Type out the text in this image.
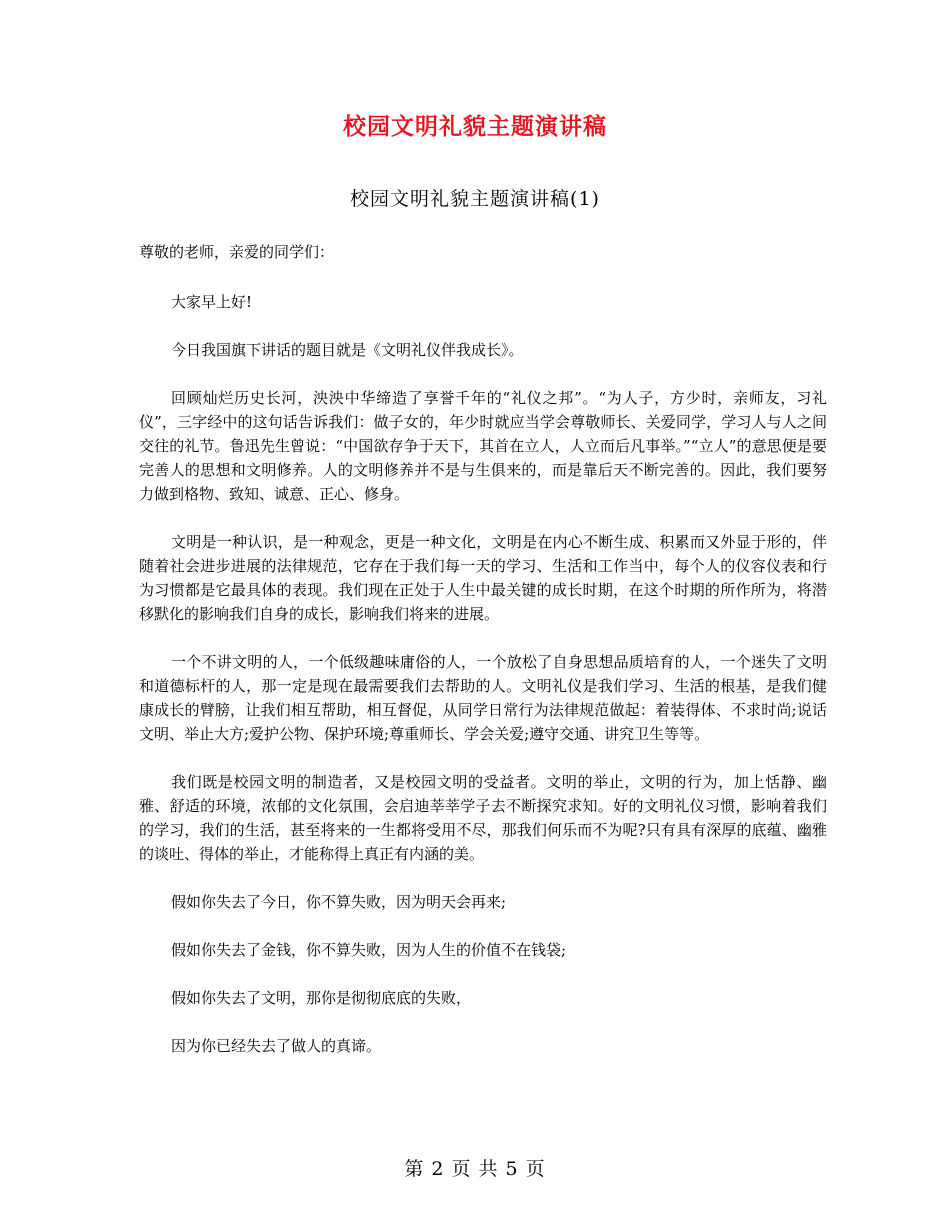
校园文明礼貌主题演讲稿
校园文明礼貌主题演讲稿(1)

尊敬的老师，亲爱的同学们：

大家早上好!

今日我国旗下讲话的题目就是《文明礼仪伴我成长》。

回顾灿烂历史长河，泱泱中华缔造了享誉千年的“礼仪之邦”。“为人子，方少时，亲师友，习礼仪”，三字经中的这句话告诉我们：做子女的，年少时就应当学会尊敬师长、关爱同学，学习人与人之间交往的礼节。鲁迅先生曾说：“中国欲存争于天下，其首在立人，人立而后凡事举。”“立人”的意思便是要完善人的思想和文明修养。人的文明修养并不是与生俱来的，而是靠后天不断完善的。因此，我们要努力做到格物、致知、诚意、正心、修身。

文明是一种认识，是一种观念，更是一种文化，文明是在内心不断生成、积累而又外显于形的，伴随着社会进步进展的法律规范，它存在于我们每一天的学习、生活和工作当中，每个人的仪容仪表和行为习惯都是它最具体的表现。我们现在正处于人生中最关键的成长时期，在这个时期的所作所为，将潜移默化的影响我们自身的成长，影响我们将来的进展。

一个不讲文明的人，一个低级趣味庸俗的人，一个放松了自身思想品质培育的人，一个迷失了文明和道德标杆的人，那一定是现在最需要我们去帮助的人。文明礼仪是我们学习、生活的根基，是我们健康成长的臂膀，让我们相互帮助，相互督促，从同学日常行为法律规范做起：着装得体、不求时尚;说话文明、举止大方;爱护公物、保护环境;尊重师长、学会关爱;遵守交通、讲究卫生等等。

我们既是校园文明的制造者，又是校园文明的受益者。文明的举止，文明的行为，加上恬静、幽雅、舒适的环境，浓郁的文化氛围，会启迪莘莘学子去不断探究求知。好的文明礼仪习惯，影响着我们的学习，我们的生活，甚至将来的一生都将受用不尽，那我们何乐而不为呢?只有具有深厚的底蕴、幽雅的谈吐、得体的举止，才能称得上真正有内涵的美。

假如你失去了今日，你不算失败，因为明天会再来;

假如你失去了金钱，你不算失败，因为人生的价值不在钱袋;

假如你失去了文明，那你是彻彻底底的失败，

因为你已经失去了做人的真谛。

第 2 页 共 5 页
